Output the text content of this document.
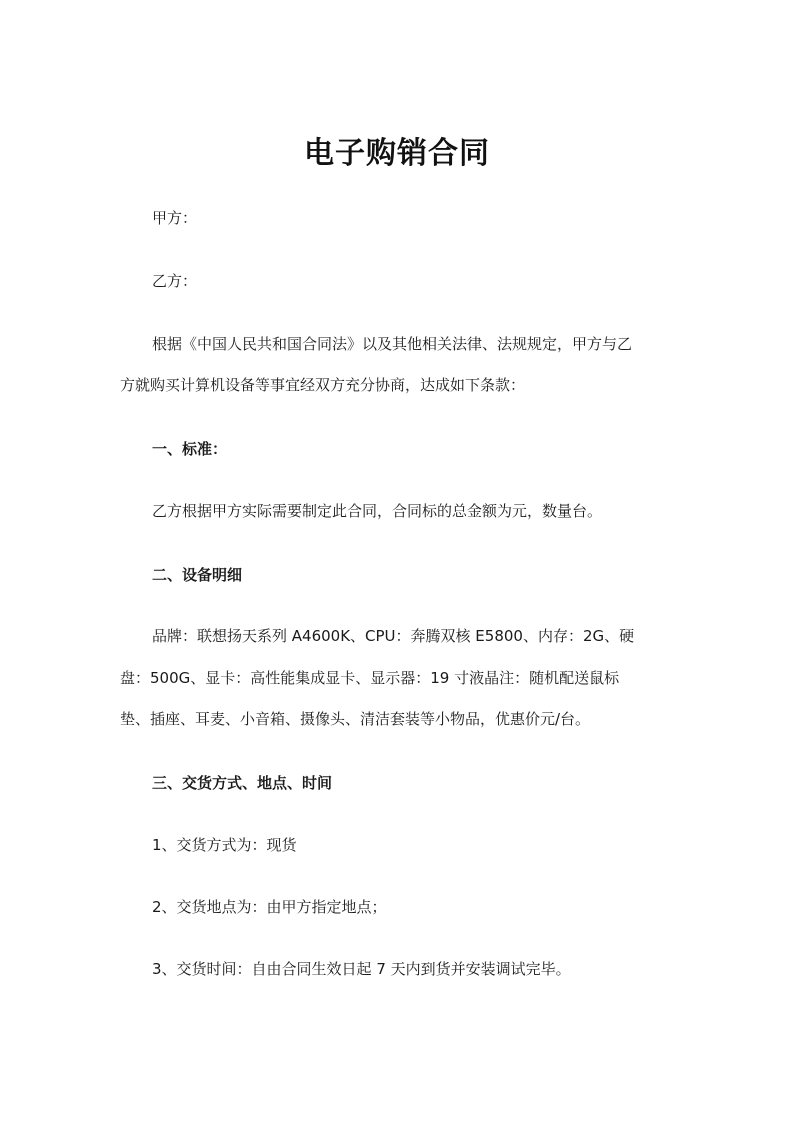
电子购销合同
甲方：
乙方：
根据《中国人民共和国合同法》以及其他相关法律、法规规定，甲方与乙
方就购买计算机设备等事宜经双方充分协商，达成如下条款：
一、标准：
乙方根据甲方实际需要制定此合同，合同标的总金额为元，数量台。
二、设备明细
品牌：联想扬天系列 A4600K、CPU：奔腾双核 E5800、内存：2G、硬
盘：500G、显卡：高性能集成显卡、显示器：19 寸液晶注：随机配送鼠标
垫、插座、耳麦、小音箱、摄像头、清洁套装等小物品，优惠价元/台。
三、交货方式、地点、时间
1、交货方式为：现货
2、交货地点为：由甲方指定地点；
3、交货时间：自由合同生效日起 7 天内到货并安装调试完毕。
